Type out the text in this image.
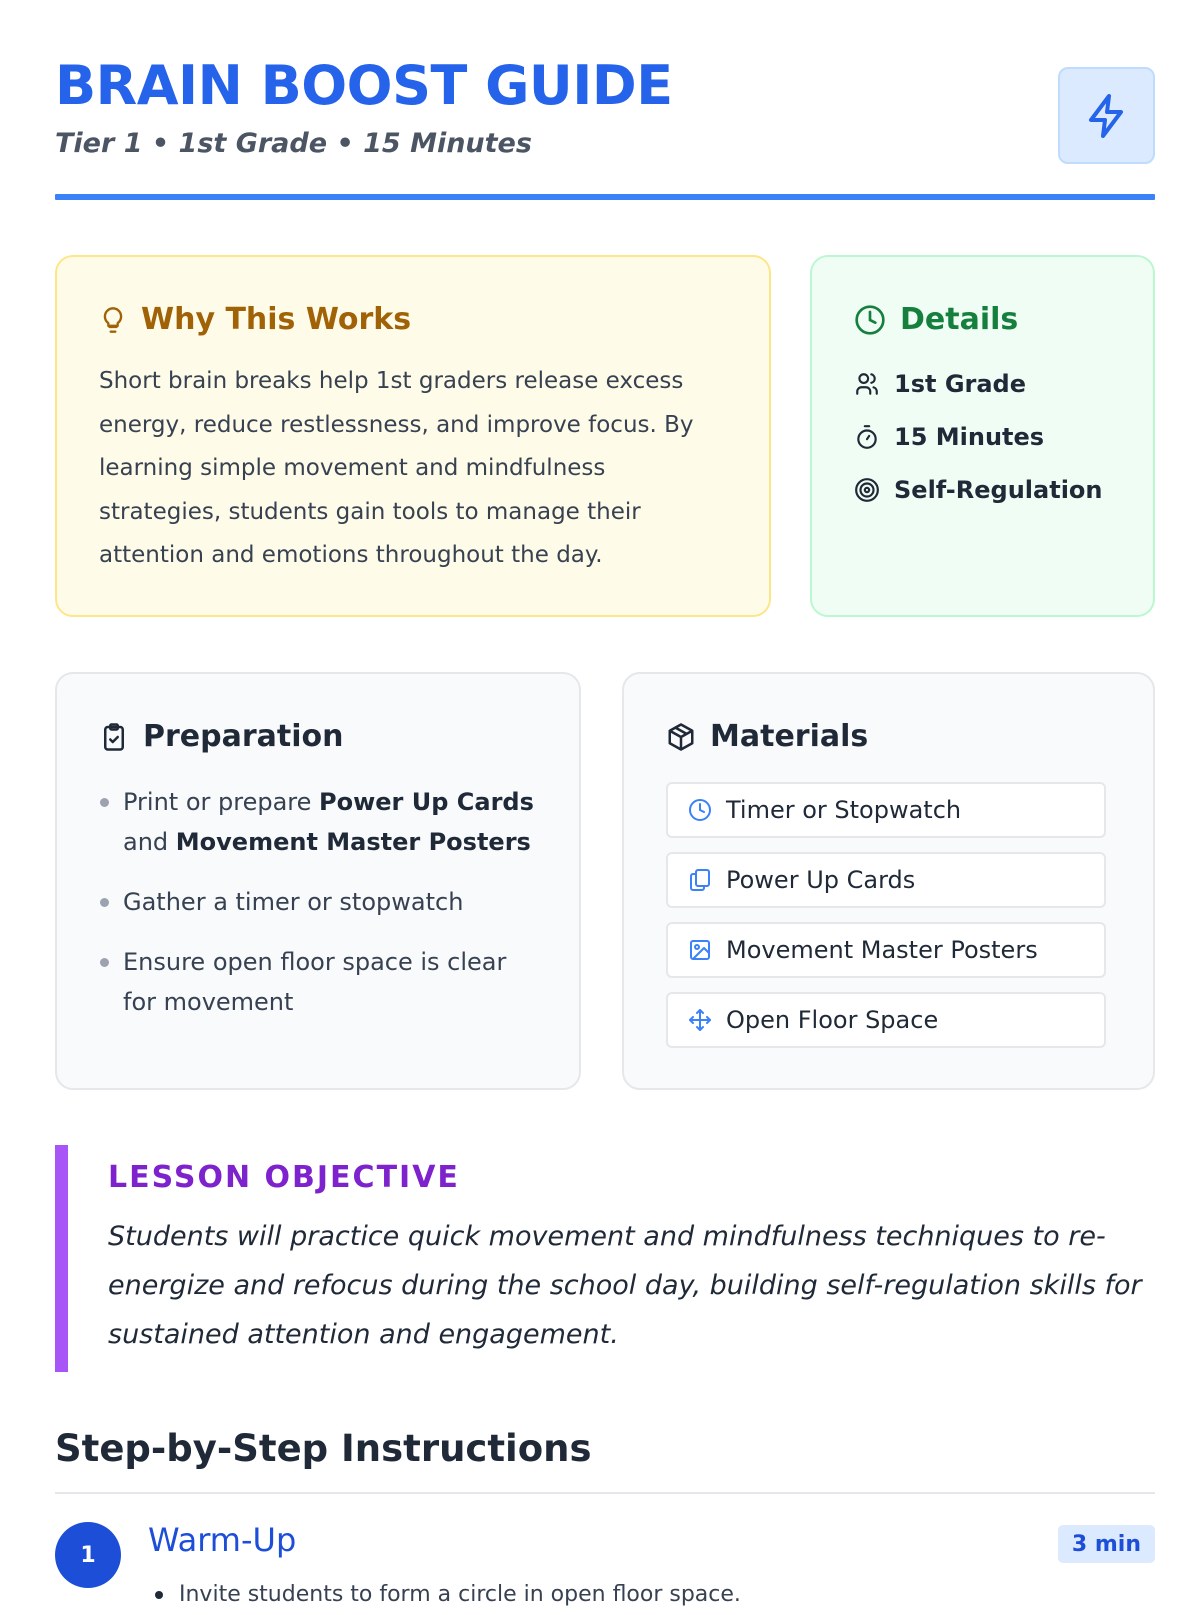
BRAIN BOOST GUIDE
Tier 1 • 1st Grade • 15 Minutes
Why This Works

Short brain breaks help 1st graders release excess energy, reduce restlessness, and improve focus. By learning simple movement and mindfulness strategies, students gain tools to manage their attention and emotions throughout the day.

Details
1st Grade
15 Minutes
Self-Regulation
Preparation
Print or prepare Power Up Cards and Movement Master Posters
Gather a timer or stopwatch
Ensure open floor space is clear for movement
Materials
Timer or Stopwatch
Power Up Cards
Movement Master Posters
Open Floor Space
LESSON OBJECTIVE

Students will practice quick movement and mindfulness techniques to re-energize and refocus during the school day, building self-regulation skills for sustained attention and engagement.

Step-by-Step Instructions
1	Warm-Up	3 min
Invite students to form a circle in open floor space.
